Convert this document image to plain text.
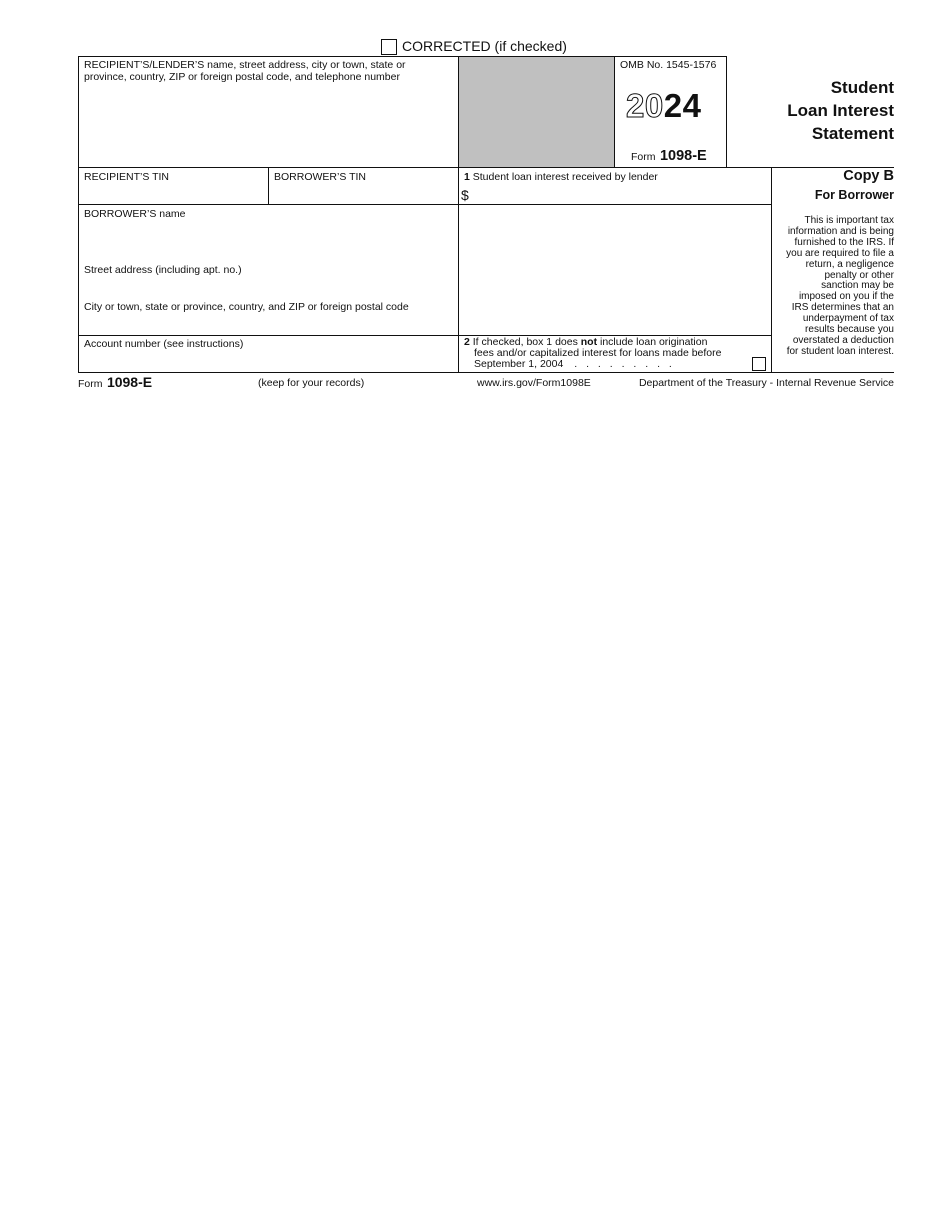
CORRECTED (if checked)
RECIPIENT’S/LENDER’S name, street address, city or town, state or
province, country, ZIP or foreign postal code, and telephone number
OMB No. 1545-1576
2024
Form 1098-E
Student
Loan Interest
Statement
RECIPIENT’S TIN	BORROWER’S TIN	1 Student loan interest received by lender
$
Copy B
For Borrower
This is important tax
information and is being
furnished to the IRS. If
you are required to file a
return, a negligence
penalty or other
sanction may be
imposed on you if the
IRS determines that an
underpayment of tax
results because you
overstated a deduction
for student loan interest.
BORROWER’S name
Street address (including apt. no.)
City or town, state or province, country, and ZIP or foreign postal code
Account number (see instructions)	2 If checked, box 1 does not include loan origination
fees and/or capitalized interest for loans made before
September 1, 2004 . . . . . . . . .
Form 1098-E	(keep for your records)	www.irs.gov/Form1098E	Department of the Treasury - Internal Revenue Service
